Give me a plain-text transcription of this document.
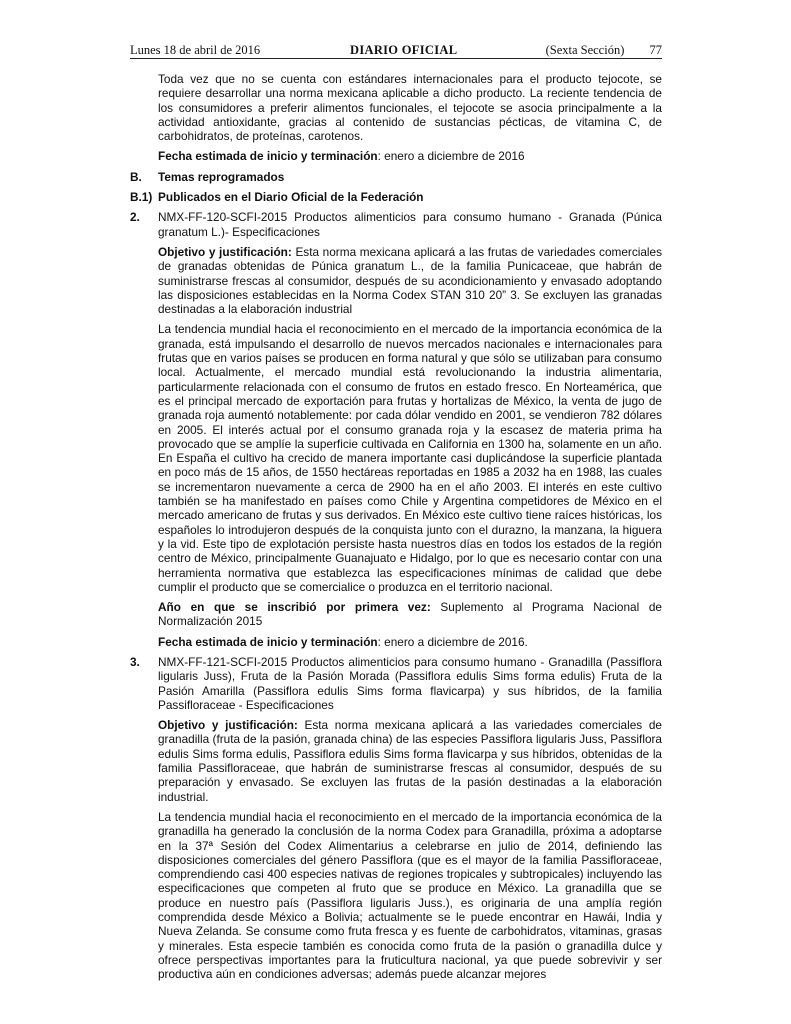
Lunes 18 de abril de 2016	DIARIO OFICIAL	(Sexta Sección) 77

Toda vez que no se cuenta con estándares internacionales para el producto tejocote, se requiere desarrollar una norma mexicana aplicable a dicho producto. La reciente tendencia de los consumidores a preferir alimentos funcionales, el tejocote se asocia principalmente a la actividad antioxidante, gracias al contenido de sustancias pécticas, de vitamina C, de carbohidratos, de proteínas, carotenos.

Fecha estimada de inicio y terminación: enero a diciembre de 2016

B. Temas reprogramados
B.1) Publicados en el Diario Oficial de la Federación
2. NMX-FF-120-SCFI-2015 Productos alimenticios para consumo humano - Granada (Púnica granatum L.)- Especificaciones

Objetivo y justificación: Esta norma mexicana aplicará a las frutas de variedades comerciales de granadas obtenidas de Púnica granatum L., de la familia Punicaceae, que habrán de suministrarse frescas al consumidor, después de su acondicionamiento y envasado adoptando las disposiciones establecidas en la Norma Codex STAN 310 20” 3. Se excluyen las granadas destinadas a la elaboración industrial

La tendencia mundial hacia el reconocimiento en el mercado de la importancia económica de la granada, está impulsando el desarrollo de nuevos mercados nacionales e internacionales para frutas que en varios países se producen en forma natural y que sólo se utilizaban para consumo local. Actualmente, el mercado mundial está revolucionando la industria alimentaria, particularmente relacionada con el consumo de frutos en estado fresco. En Norteamérica, que es el principal mercado de exportación para frutas y hortalizas de México, la venta de jugo de granada roja aumentó notablemente: por cada dólar vendido en 2001, se vendieron 782 dólares en 2005. El interés actual por el consumo granada roja y la escasez de materia prima ha provocado que se amplíe la superficie cultivada en California en 1300 ha, solamente en un año. En España el cultivo ha crecido de manera importante casi duplicándose la superficie plantada en poco más de 15 años, de 1550 hectáreas reportadas en 1985 a 2032 ha en 1988, las cuales se incrementaron nuevamente a cerca de 2900 ha en el año 2003. El interés en este cultivo también se ha manifestado en países como Chile y Argentina competidores de México en el mercado americano de frutas y sus derivados. En México este cultivo tiene raíces históricas, los españoles lo introdujeron después de la conquista junto con el durazno, la manzana, la higuera y la vid. Este tipo de explotación persiste hasta nuestros días en todos los estados de la región centro de México, principalmente Guanajuato e Hidalgo, por lo que es necesario contar con una herramienta normativa que establezca las especificaciones mínimas de calidad que debe cumplir el producto que se comercialice o produzca en el territorio nacional.

Año en que se inscribió por primera vez: Suplemento al Programa Nacional de Normalización 2015

Fecha estimada de inicio y terminación: enero a diciembre de 2016.

3. NMX-FF-121-SCFI-2015 Productos alimenticios para consumo humano - Granadilla (Passiflora ligularis Juss), Fruta de la Pasión Morada (Passiflora edulis Sims forma edulis) Fruta de la Pasión Amarilla (Passiflora edulis Sims forma flavicarpa) y sus híbridos, de la familia Passifloraceae - Especificaciones

Objetivo y justificación: Esta norma mexicana aplicará a las variedades comerciales de granadilla (fruta de la pasión, granada china) de las especies Passiflora ligularis Juss, Passiflora edulis Sims forma edulis, Passiflora edulis Sims forma flavicarpa y sus híbridos, obtenidas de la familia Passifloraceae, que habrán de suministrarse frescas al consumidor, después de su preparación y envasado. Se excluyen las frutas de la pasión destinadas a la elaboración industrial.

La tendencia mundial hacia el reconocimiento en el mercado de la importancia económica de la granadilla ha generado la conclusión de la norma Codex para Granadilla, próxima a adoptarse en la 37ª Sesión del Codex Alimentarius a celebrarse en julio de 2014, definiendo las disposiciones comerciales del género Passiflora (que es el mayor de la familia Passifloraceae, comprendiendo casi 400 especies nativas de regiones tropicales y subtropicales) incluyendo las especificaciones que competen al fruto que se produce en México. La granadilla que se produce en nuestro país (Passiflora ligularis Juss.), es originaria de una amplía región comprendida desde México a Bolivia; actualmente se le puede encontrar en Hawái, India y Nueva Zelanda. Se consume como fruta fresca y es fuente de carbohidratos, vitaminas, grasas y minerales. Esta especie también es conocida como fruta de la pasión o granadilla dulce y ofrece perspectivas importantes para la fruticultura nacional, ya que puede sobrevivir y ser productiva aún en condiciones adversas; además puede alcanzar mejores
